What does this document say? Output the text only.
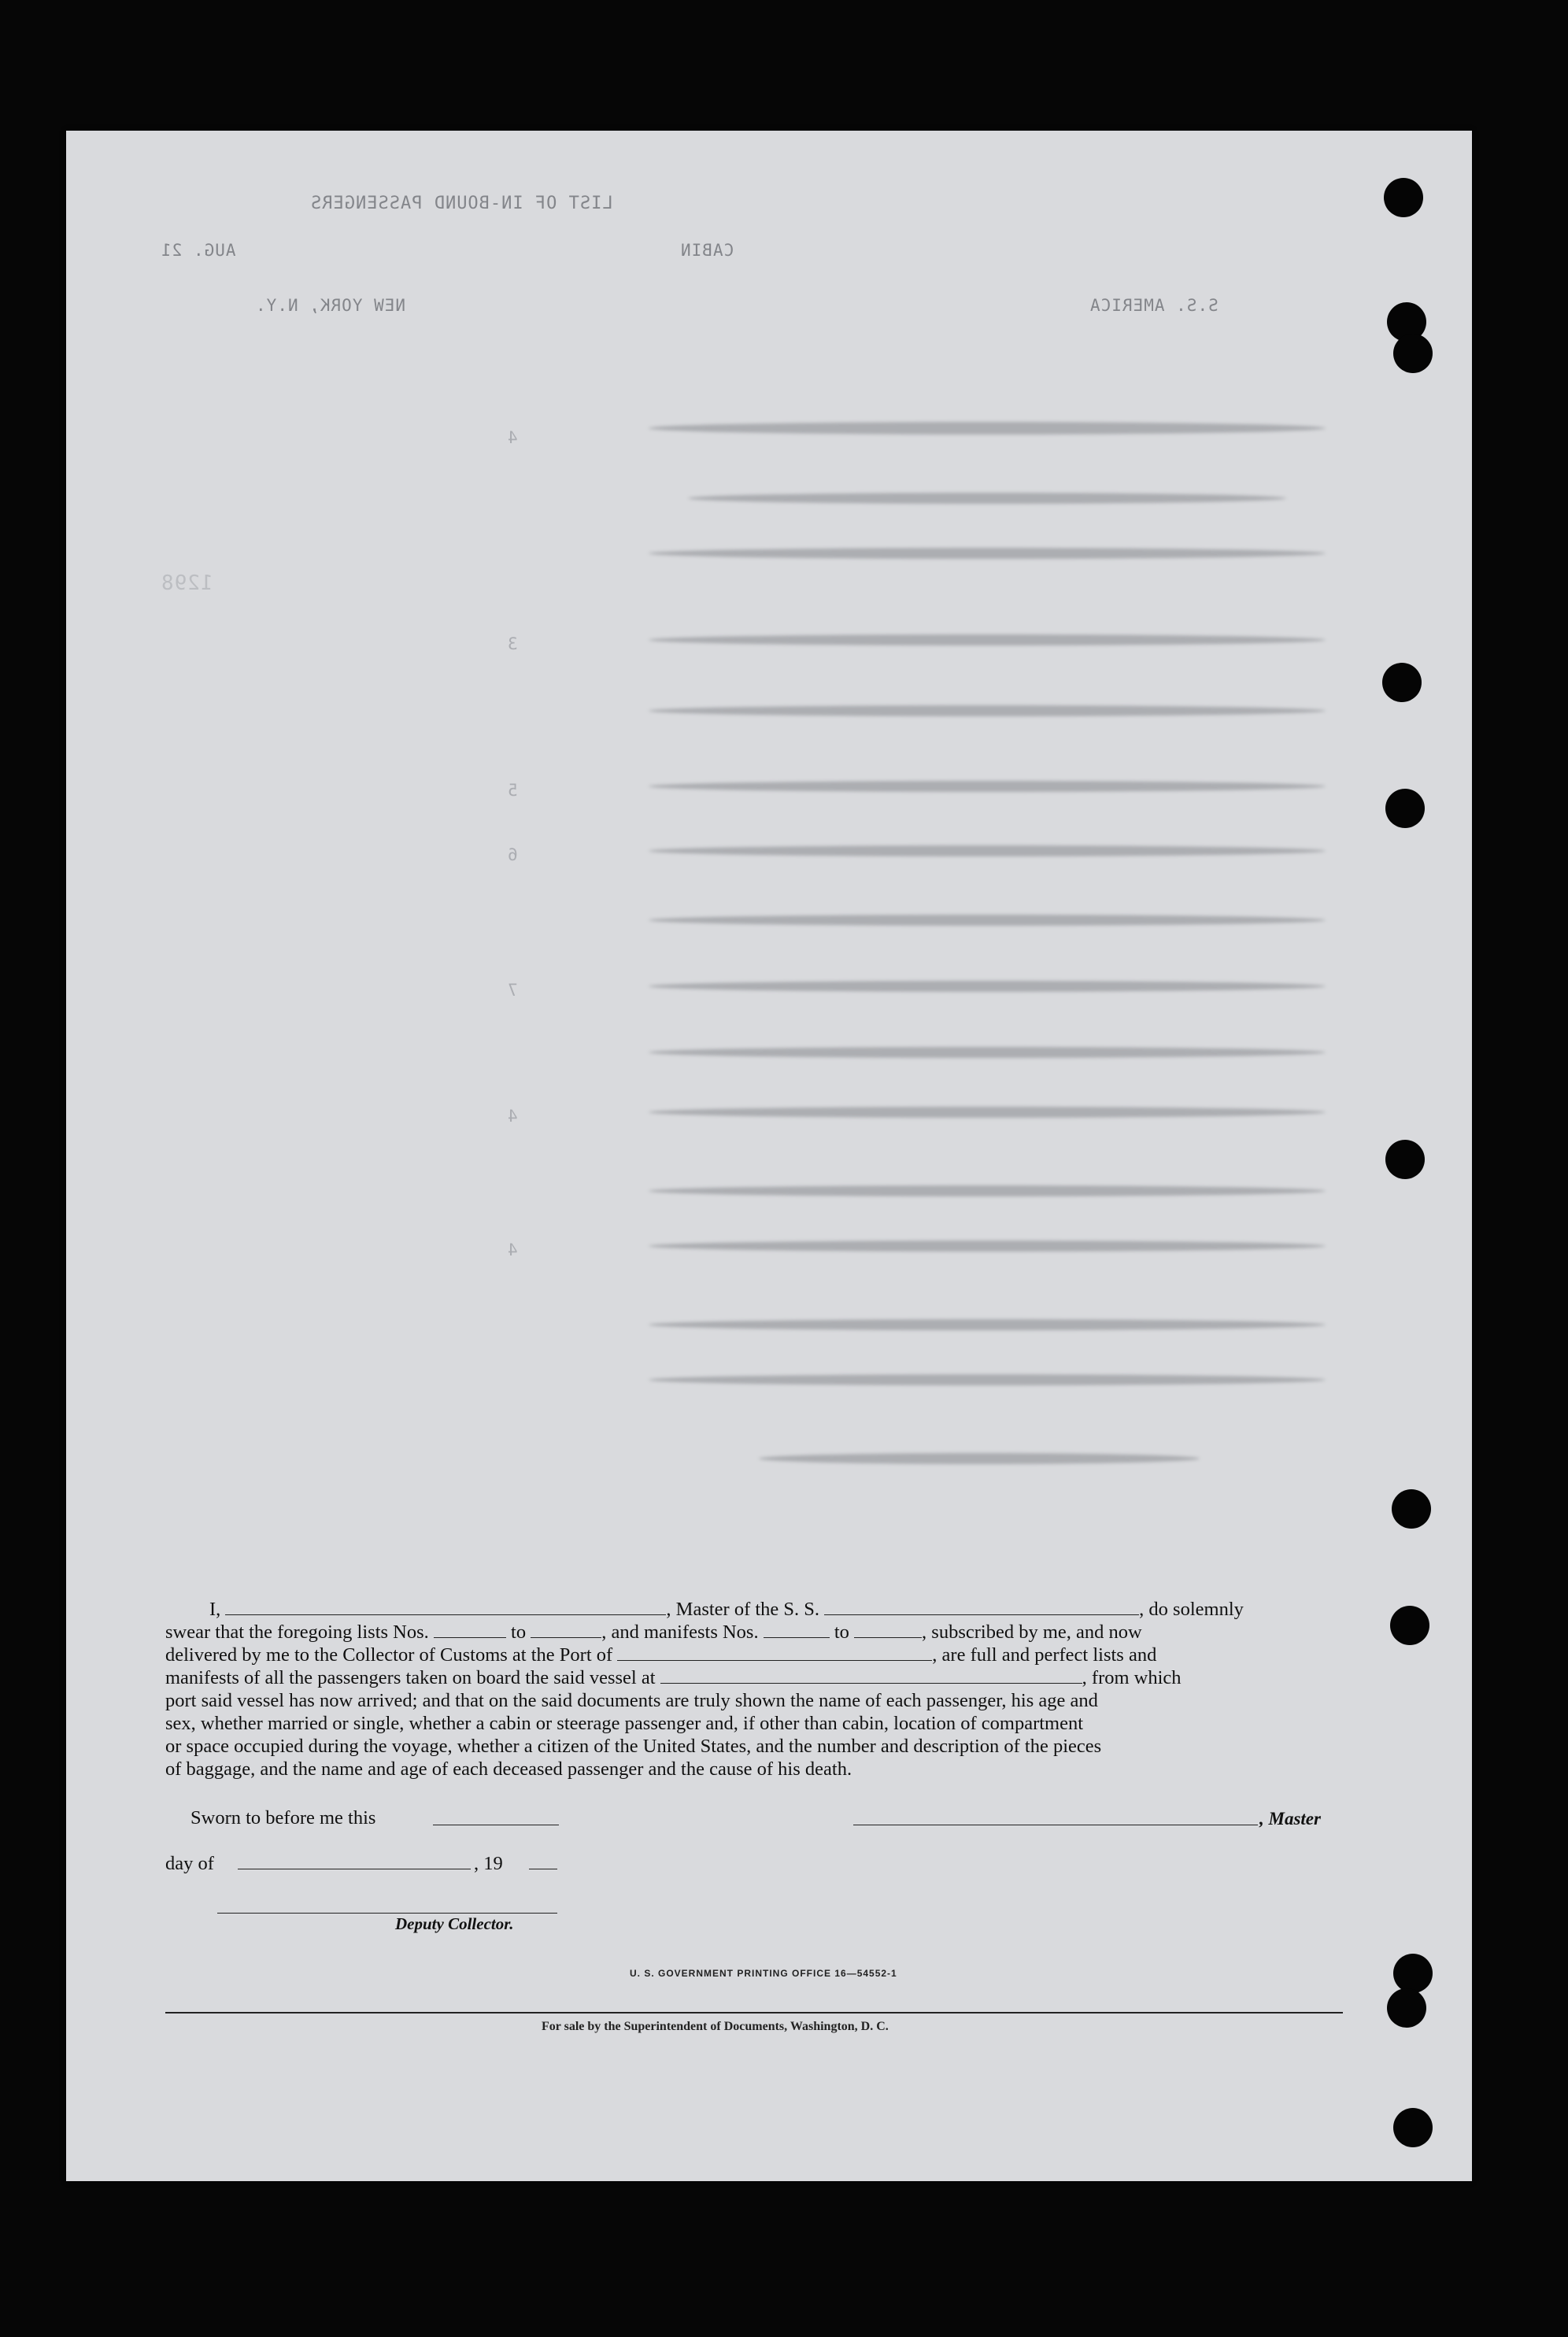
LIST OF IN-BOUND PASSENGERS
CABIN
S.S. AMERICA
NEW YORK, N.Y.
AUG. 21
1298
4
3
5
6
7
4
4
I,	, Master of the S. S.	, do solemnly
swear that the foregoing lists Nos.	to	, and manifests Nos.	to	, subscribed by me, and now
delivered by me to the Collector of Customs at the Port of	, are full and perfect lists and
manifests of all the passengers taken on board the said vessel at	, from which
port said vessel has now arrived; and that on the said documents are truly shown the name of each passenger, his age and
sex, whether married or single, whether a cabin or steerage passenger and, if other than cabin, location of compartment
or space occupied during the voyage, whether a citizen of the United States, and the number and description of the pieces
of baggage, and the name and age of each deceased passenger and the cause of his death.
Sworn to before me this	, Master
day of	, 19
Deputy Collector.
U. S. GOVERNMENT PRINTING OFFICE 16—54552-1
For sale by the Superintendent of Documents, Washington, D. C.
